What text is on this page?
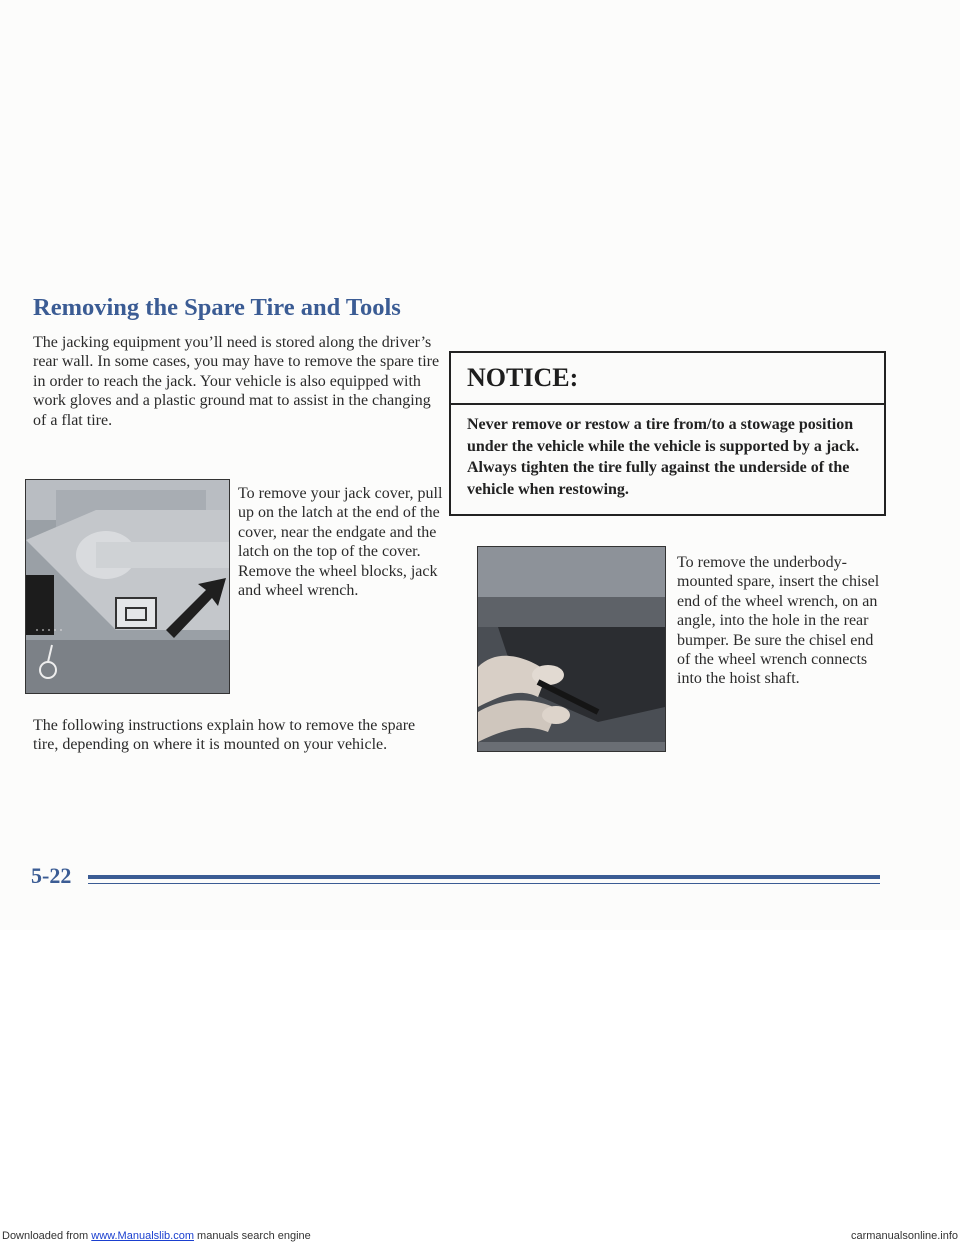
Removing the Spare Tire and Tools

The jacking equipment you’ll need is stored along the driver’s rear wall. In some cases, you may have to remove the spare tire in order to reach the jack. Your vehicle is also equipped with work gloves and a plastic ground mat to assist in the changing of a flat tire.

To remove your jack cover, pull up on the latch at the end of the cover, near the endgate and the latch on the top of the cover. Remove the wheel blocks, jack and wheel wrench.

The following instructions explain how to remove the spare tire, depending on where it is mounted on your vehicle.

NOTICE:

Never remove or restow a tire from/to a stowage position under the vehicle while the vehicle is supported by a jack. Always tighten the tire fully against the underside of the vehicle when restowing.

To remove the underbody-mounted spare, insert the chisel end of the wheel wrench, on an angle, into the hole in the rear bumper. Be sure the chisel end of the wheel wrench connects into the hoist shaft.

5-22
Downloaded from www.Manualslib.com manuals search engine	carmanualsonline.info
